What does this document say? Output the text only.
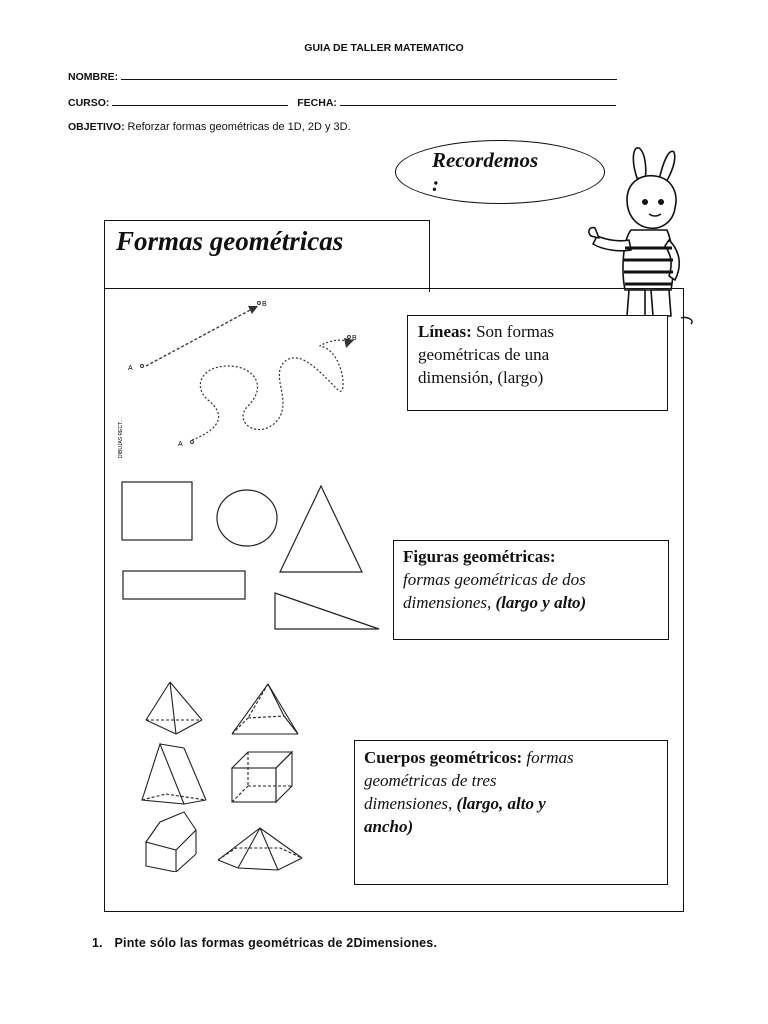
GUIA DE TALLER MATEMATICO
NOMBRE:
CURSO:	FECHA:
OBJETIVO: Reforzar formas geométricas de 1D, 2D y 3D.
Recordemos
:
Formas geométricas
A
B
A
B
DIBUJAS RECT...
Líneas: Son formas
geométricas de una
dimensión, (largo)
Figuras geométricas:
formas geométricas de dos
dimensiones, (largo y alto)
Cuerpos geométricos: formas
geométricas de tres
dimensiones, (largo, alto y
ancho)
1. Pinte sólo las formas geométricas de 2Dimensiones.
